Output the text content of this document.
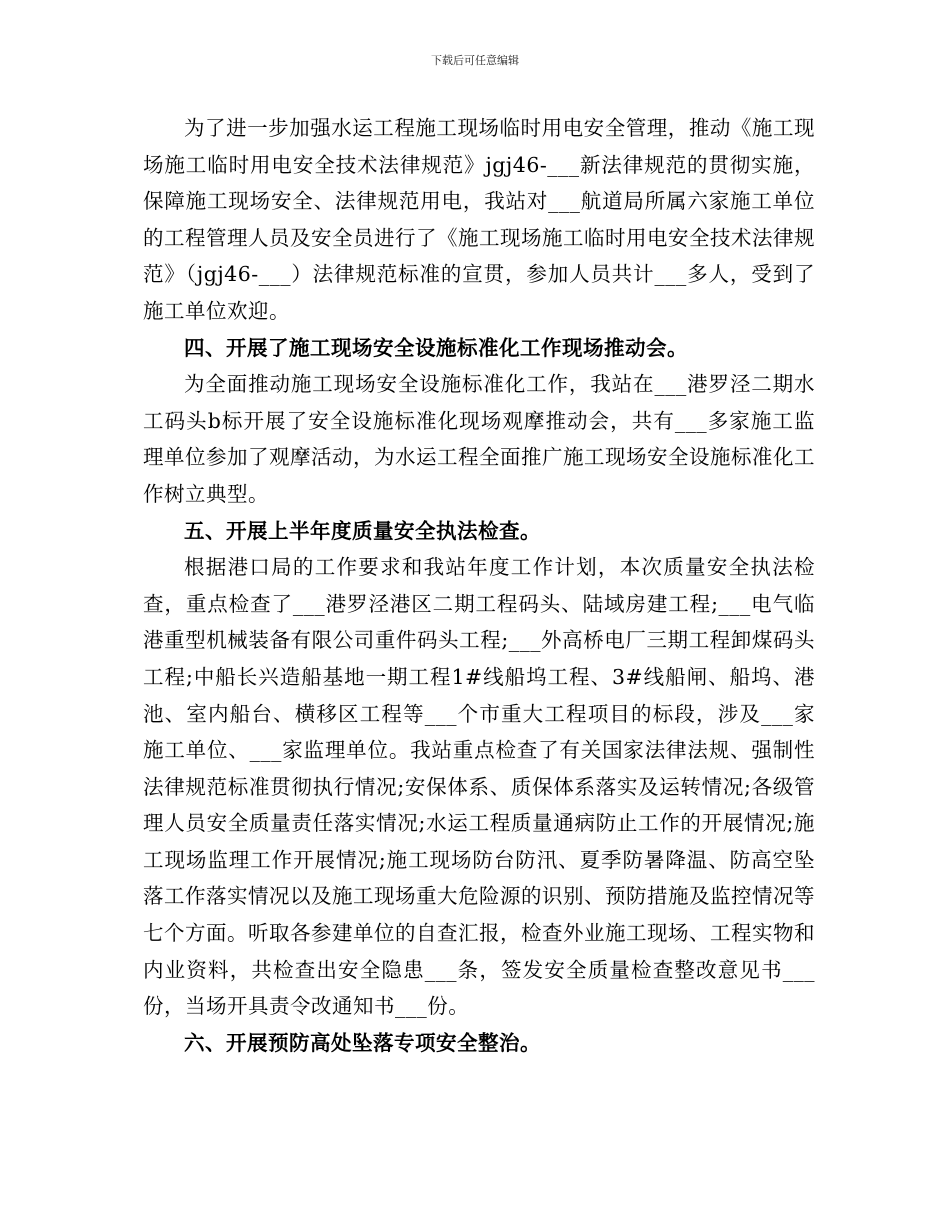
下载后可任意编辑

为了进一步加强水运工程施工现场临时用电安全管理，推动《施工现场施工临时用电安全技术法律规范》jgj46-___新法律规范的贯彻实施，保障施工现场安全、法律规范用电，我站对___航道局所属六家施工单位的工程管理人员及安全员进行了《施工现场施工临时用电安全技术法律规范》（jgj46-___）法律规范标准的宣贯，参加人员共计___多人，受到了施工单位欢迎。

四、开展了施工现场安全设施标准化工作现场推动会。

为全面推动施工现场安全设施标准化工作，我站在___港罗泾二期水工码头b标开展了安全设施标准化现场观摩推动会，共有___多家施工监理单位参加了观摩活动，为水运工程全面推广施工现场安全设施标准化工作树立典型。

五、开展上半年度质量安全执法检查。

根据港口局的工作要求和我站年度工作计划，本次质量安全执法检查，重点检查了___港罗泾港区二期工程码头、陆域房建工程;___电气临港重型机械装备有限公司重件码头工程;___外高桥电厂三期工程卸煤码头工程;中船长兴造船基地一期工程1#线船坞工程、3#线船闸、船坞、港池、室内船台、横移区工程等___个市重大工程项目的标段，涉及___家施工单位、___家监理单位。我站重点检查了有关国家法律法规、强制性法律规范标准贯彻执行情况;安保体系、质保体系落实及运转情况;各级管理人员安全质量责任落实情况;水运工程质量通病防止工作的开展情况;施工现场监理工作开展情况;施工现场防台防汛、夏季防暑降温、防高空坠落工作落实情况以及施工现场重大危险源的识别、预防措施及监控情况等七个方面。听取各参建单位的自查汇报，检查外业施工现场、工程实物和内业资料，共检查出安全隐患___条，签发安全质量检查整改意见书___份，当场开具责令改通知书___份。

六、开展预防高处坠落专项安全整治。
